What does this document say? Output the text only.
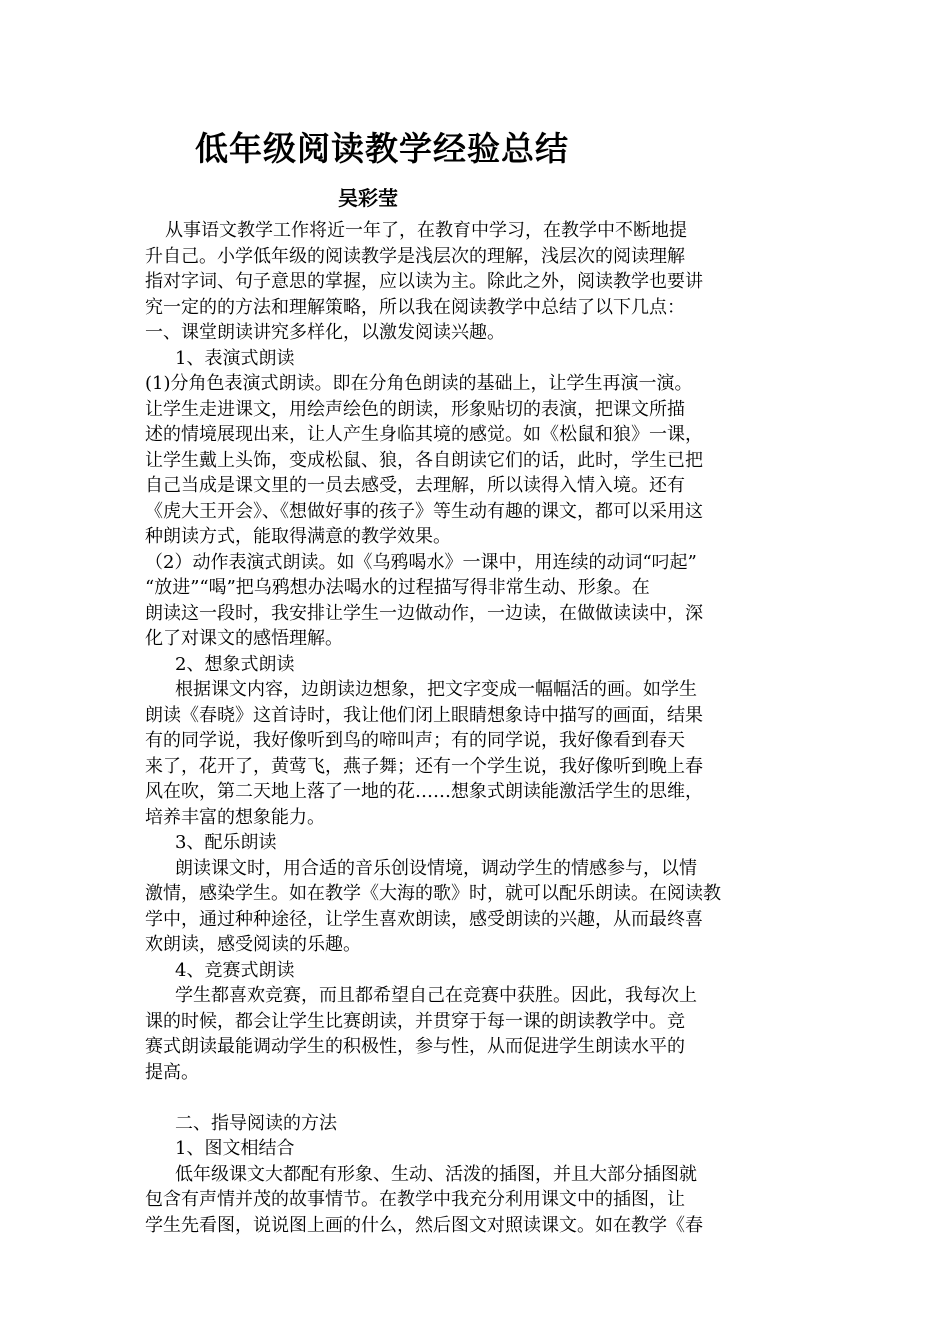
低年级阅读教学经验总结
吴彩莹
从事语文教学工作将近一年了，在教育中学习，在教学中不断地提
升自己。小学低年级的阅读教学是浅层次的理解，浅层次的阅读理解
指对字词、句子意思的掌握，应以读为主。除此之外，阅读教学也要讲
究一定的的方法和理解策略，所以我在阅读教学中总结了以下几点：
一、课堂朗读讲究多样化，以激发阅读兴趣。
1、表演式朗读
(1)分角色表演式朗读。即在分角色朗读的基础上，让学生再演一演。
让学生走进课文，用绘声绘色的朗读，形象贴切的表演，把课文所描
述的情境展现出来，让人产生身临其境的感觉。如《松鼠和狼》一课，
让学生戴上头饰，变成松鼠、狼，各自朗读它们的话，此时，学生已把
自己当成是课文里的一员去感受，去理解，所以读得入情入境。还有
《虎大王开会》、《想做好事的孩子》等生动有趣的课文，都可以采用这
种朗读方式，能取得满意的教学效果。
（2）动作表演式朗读。如《乌鸦喝水》一课中，用连续的动词“叼起”
“放进”“喝”把乌鸦想办法喝水的过程描写得非常生动、形象。在
朗读这一段时，我安排让学生一边做动作，一边读，在做做读读中，深
化了对课文的感悟理解。
2、想象式朗读
根据课文内容，边朗读边想象，把文字变成一幅幅活的画。如学生
朗读《春晓》这首诗时，我让他们闭上眼睛想象诗中描写的画面，结果
有的同学说，我好像听到鸟的啼叫声；有的同学说，我好像看到春天
来了，花开了，黄莺飞，燕子舞；还有一个学生说，我好像听到晚上春
风在吹，第二天地上落了一地的花……想象式朗读能激活学生的思维，
培养丰富的想象能力。
3、配乐朗读
朗读课文时，用合适的音乐创设情境，调动学生的情感参与，以情
激情，感染学生。如在教学《大海的歌》时，就可以配乐朗读。在阅读教
学中，通过种种途径，让学生喜欢朗读，感受朗读的兴趣，从而最终喜
欢朗读，感受阅读的乐趣。
4、竞赛式朗读
学生都喜欢竞赛，而且都希望自己在竞赛中获胜。因此，我每次上
课的时候，都会让学生比赛朗读，并贯穿于每一课的朗读教学中。竞
赛式朗读最能调动学生的积极性，参与性，从而促进学生朗读水平的
提高。
二、指导阅读的方法
1、图文相结合
低年级课文大都配有形象、生动、活泼的插图，并且大部分插图就
包含有声情并茂的故事情节。在教学中我充分利用课文中的插图，让
学生先看图，说说图上画的什么，然后图文对照读课文。如在教学《春
